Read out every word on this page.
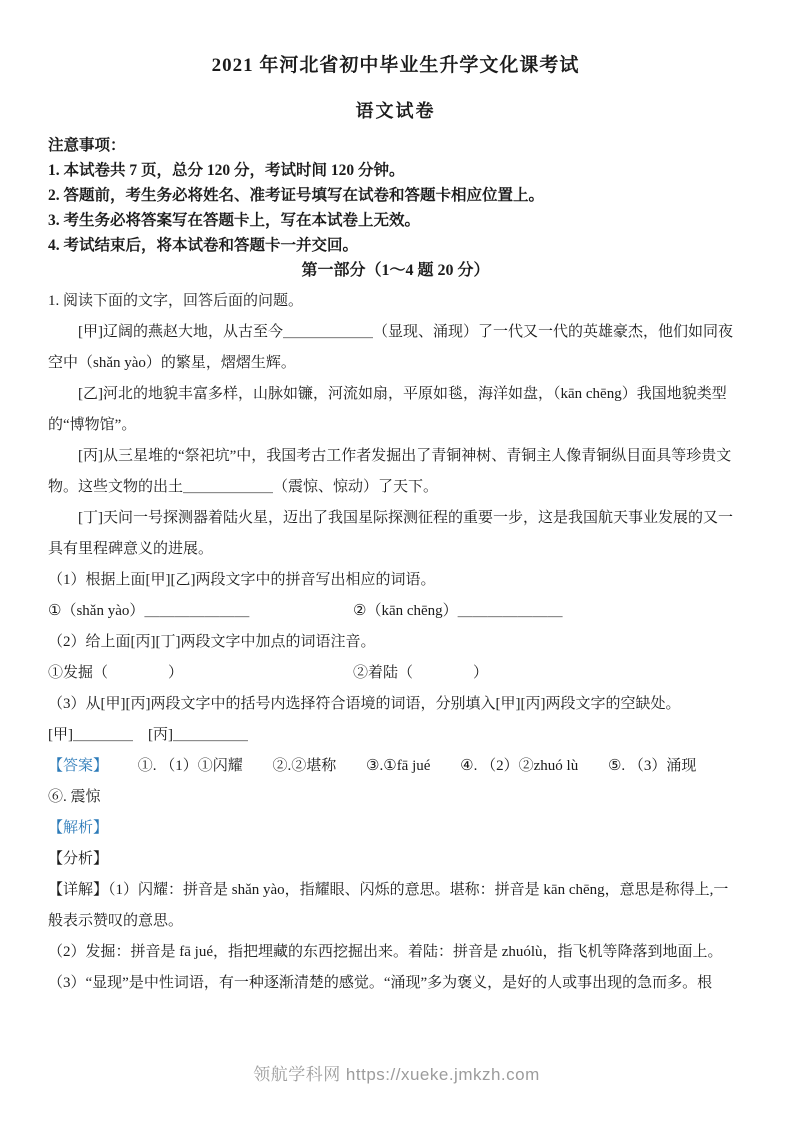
2021 年河北省初中毕业生升学文化课考试
语文试卷
注意事项：
1. 本试卷共 7 页，总分 120 分，考试时间 120 分钟。
2. 答题前，考生务必将姓名、准考证号填写在试卷和答题卡相应位置上。
3. 考生务必将答案写在答题卡上，写在本试卷上无效。
4. 考试结束后，将本试卷和答题卡一并交回。
第一部分（1～4 题 20 分）
1. 阅读下面的文字，回答后面的问题。

[甲]辽阔的燕赵大地，从古至今＿＿＿＿＿＿（显现、涌现）了一代又一代的英雄豪杰，他们如同夜空中（shǎn yào）的繁星，熠熠生辉。

[乙]河北的地貌丰富多样，山脉如镰，河流如扇，平原如毯，海洋如盘，（kān chēng）我国地貌类型的“博物馆”。

[丙]从三星堆的“祭祀坑”中，我国考古工作者发掘出了青铜神树、青铜主人像青铜纵目面具等珍贵文物。这些文物的出土＿＿＿＿＿＿（震惊、惊动）了天下。

[丁]天问一号探测器着陆火星，迈出了我国星际探测征程的重要一步，这是我国航天事业发展的又一具有里程碑意义的进展。

（1）根据上面[甲][乙]两段文字中的拼音写出相应的词语。
①（shǎn yào）＿＿＿＿＿＿＿	②（kān chēng）＿＿＿＿＿＿＿
（2）给上面[丙][丁]两段文字中加点的词语注音。
①发掘（　　　　）	②着陆（　　　　）
（3）从[甲][丙]两段文字中的括号内选择符合语境的词语，分别填入[甲][丙]两段文字的空缺处。
[甲]＿＿＿＿　[丙]＿＿＿＿＿
【答案】 ①. （1）①闪耀 ②.②堪称 ③.①fā jué ④. （2）②zhuó lù ⑤. （3）涌现
⑥. 震惊
【解析】
【分析】

【详解】（1）闪耀：拼音是 shǎn yào，指耀眼、闪烁的意思。堪称：拼音是 kān chēng，意思是称得上,一般表示赞叹的意思。

（2）发掘：拼音是 fā jué，指把埋藏的东西挖掘出来。着陆：拼音是 zhuólù，指飞机等降落到地面上。

（3）“显现”是中性词语，有一种逐渐清楚的感觉。“涌现”多为褒义，是好的人或事出现的急而多。根

领航学科网 https://xueke.jmkzh.com
